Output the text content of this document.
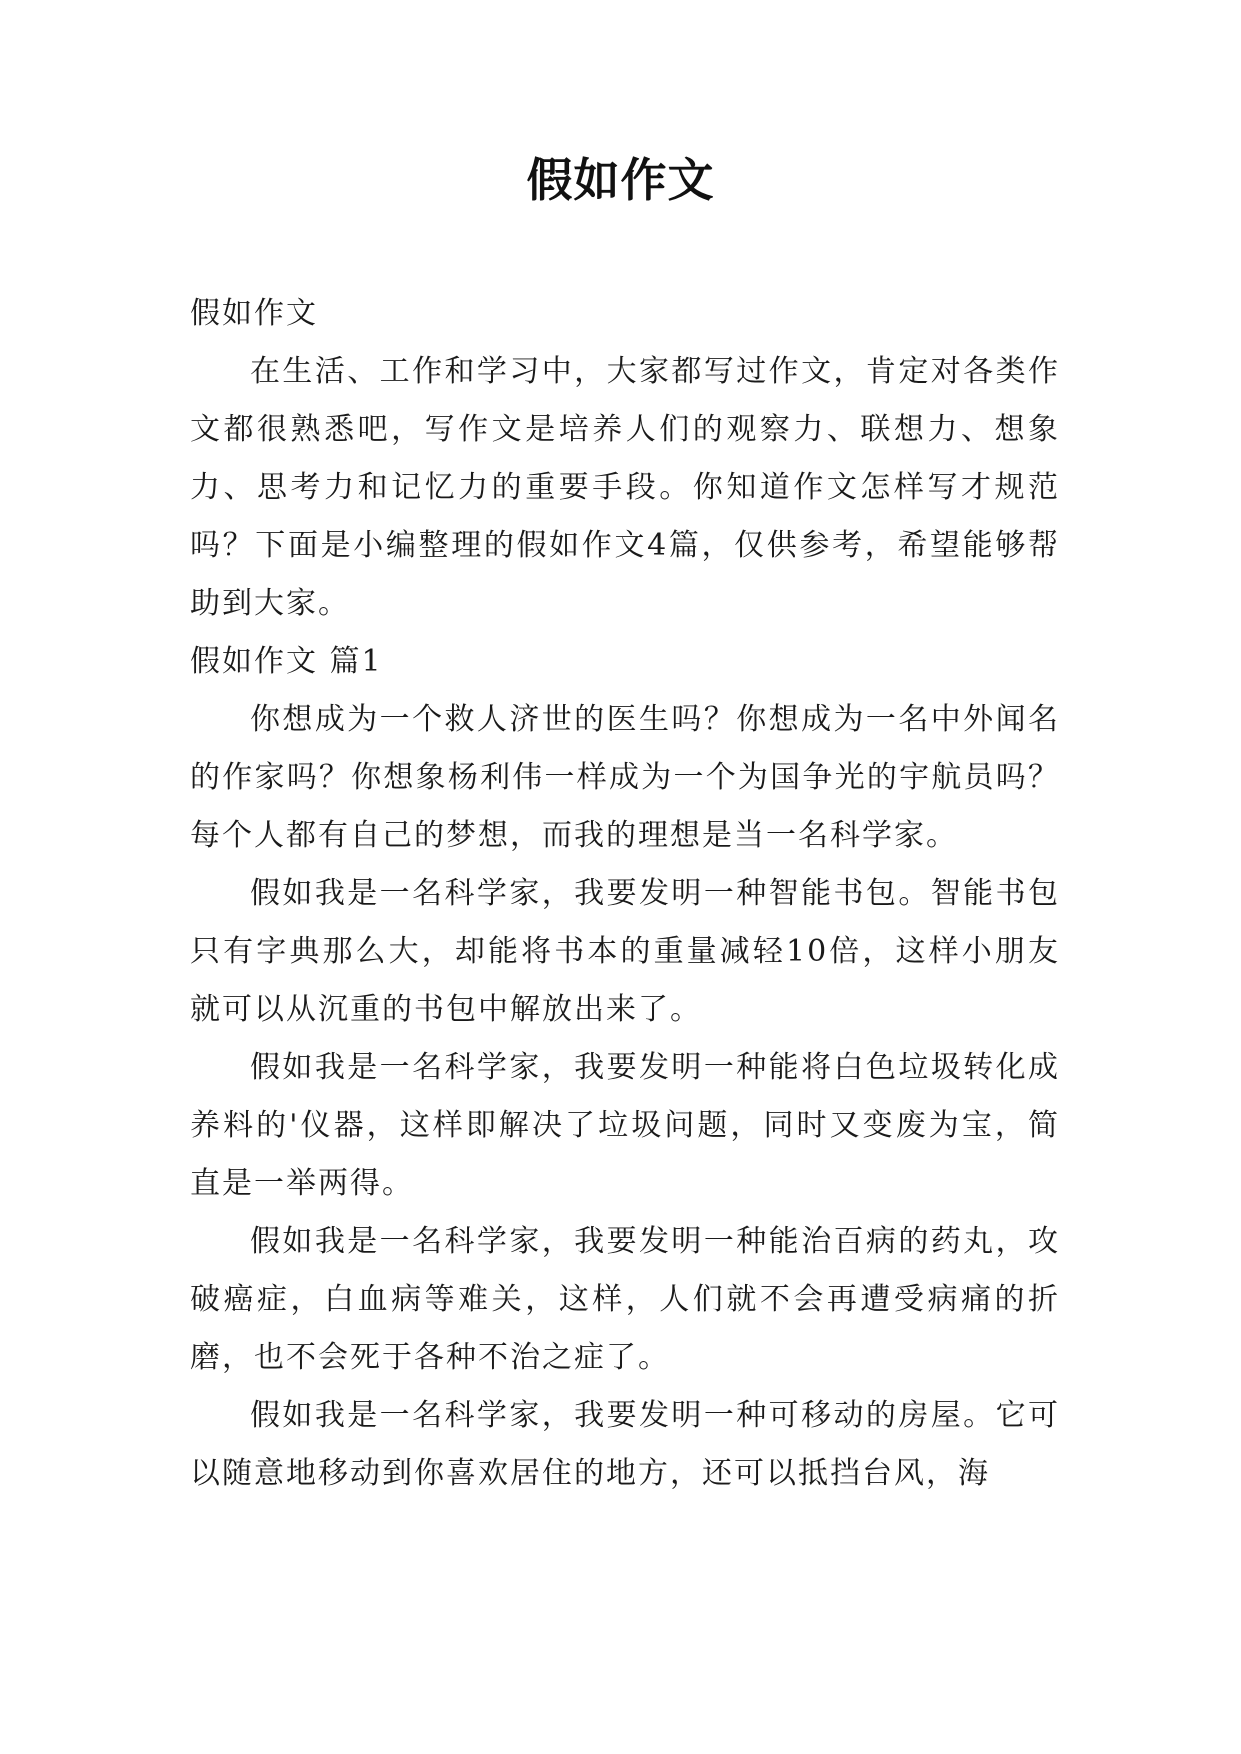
假如作文

假如作文

在生活、工作和学习中，大家都写过作文，肯定对各类作文都很熟悉吧，写作文是培养人们的观察力、联想力、想象力、思考力和记忆力的重要手段。你知道作文怎样写才规范吗？下面是小编整理的假如作文4篇，仅供参考，希望能够帮助到大家。

假如作文 篇1

你想成为一个救人济世的医生吗？你想成为一名中外闻名的作家吗？你想象杨利伟一样成为一个为国争光的宇航员吗？每个人都有自己的梦想，而我的理想是当一名科学家。

假如我是一名科学家，我要发明一种智能书包。智能书包只有字典那么大，却能将书本的重量减轻10倍，这样小朋友就可以从沉重的书包中解放出来了。

假如我是一名科学家，我要发明一种能将白色垃圾转化成养料的'仪器，这样即解决了垃圾问题，同时又变废为宝，简直是一举两得。

假如我是一名科学家，我要发明一种能治百病的药丸，攻破癌症，白血病等难关，这样，人们就不会再遭受病痛的折磨，也不会死于各种不治之症了。

假如我是一名科学家，我要发明一种可移动的房屋。它可以随意地移动到你喜欢居住的地方，还可以抵挡台风，海
